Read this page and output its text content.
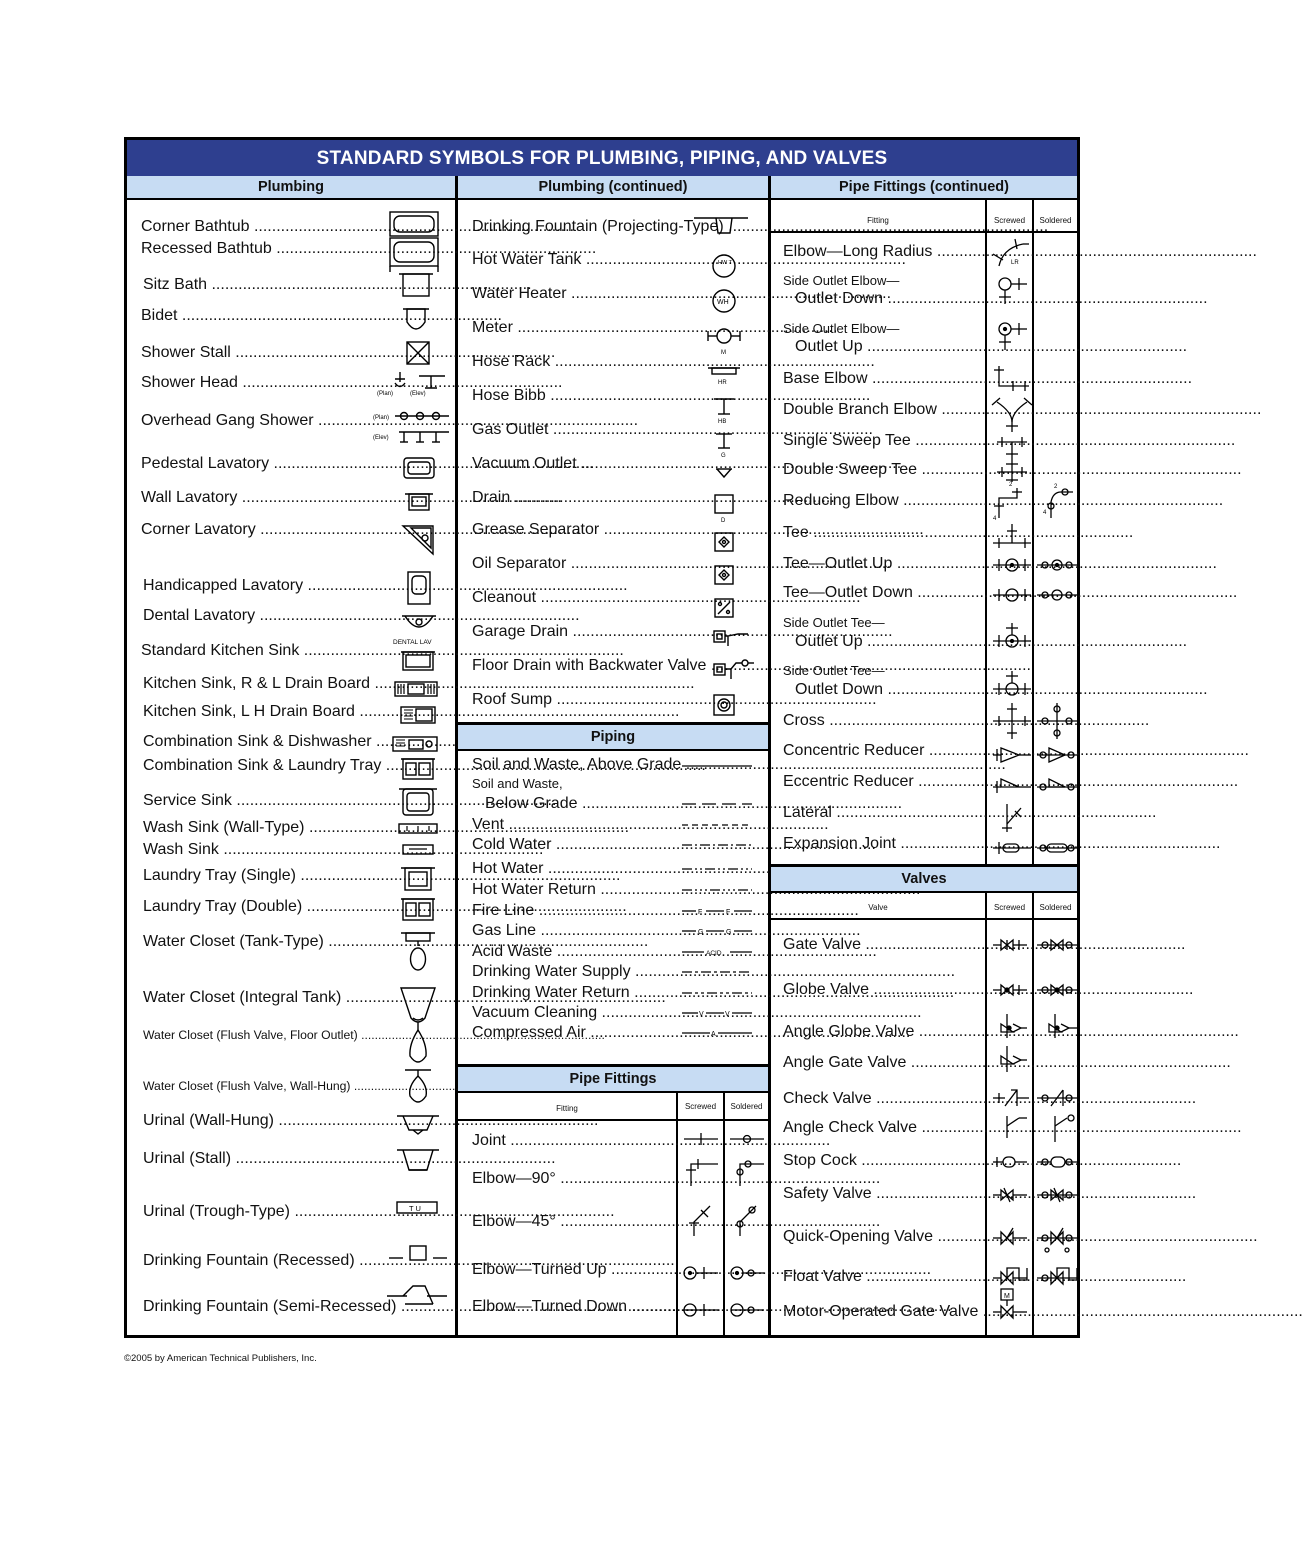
STANDARD SYMBOLS FOR PLUMBING, PIPING, AND VALVES
Plumbing
Corner Bathtub .....
Recessed Bathtub .....
Sitz Bath .....
Bidet .....
Shower Stall .....
Shower Head .....
Overhead Gang Shower .....
Pedestal Lavatory .....
Wall Lavatory .....
Corner Lavatory .....
Handicapped Lavatory .....
Dental Lavatory .....
Standard Kitchen Sink .....
Kitchen Sink, R & L Drain Board .....
Kitchen Sink, L H Drain Board .....
Combination Sink & Dishwasher .....
Combination Sink & Laundry Tray .....
Service Sink .....
Wash Sink (Wall-Type) .....
Wash Sink .....
Laundry Tray (Single) .....
Laundry Tray (Double) .....
Water Closet (Tank-Type) .....
Water Closet (Integral Tank) .....
Water Closet (Flush Valve, Floor Outlet) .....
Water Closet (Flush Valve, Wall-Hung) .....
Urinal (Wall-Hung) .....
Urinal (Stall) .....
Urinal (Trough-Type) .....
Drinking Fountain (Recessed) .....
Drinking Fountain (Semi-Recessed) .....
(Plan)	(Elev)
(Plan)
(Elev)
DENTAL LAV
T U
Plumbing (continued)
Drinking Fountain (Projecting-Type) .....
Hot Water Tank .....
Water Heater .....
Meter .....
Hose Rack .....
Hose Bibb .....
Gas Outlet .....
Vacuum Outlet .....
Drain .....
Grease Separator .....
Oil Separator .....
Cleanout .....
Garage Drain .....
Floor Drain with Backwater Valve .....
Roof Sump .....
HW T
WH
M
HR
HB
G
D
Piping
Soil and Waste, Above Grade .....
Soil and Waste,
Below Grade .....
Vent .....
Cold Water .....
Hot Water .....
Hot Water Return .....
Fire Line .....
Gas Line .....
Acid Waste .....
Drinking Water Supply .....
Drinking Water Return .....
Vacuum Cleaning .....
Compressed Air .....
F	F
G	G
ACID
V	V
A
Pipe Fittings
Fitting	Screwed	Soldered
Joint .....
Elbow—90° .....
Elbow—45° .....
Elbow—Turned Up .....
Elbow—Turned Down .....
Pipe Fittings (continued)
Fitting	Screwed	Soldered
Elbow—Long Radius .....
Side Outlet Elbow—
Outlet Down .....
Side Outlet Elbow—
Outlet Up .....
Base Elbow .....
Double Branch Elbow .....
Single Sweep Tee .....
Double Sweep Tee .....
Reducing Elbow .....
Tee .....
Tee—Outlet Up .....
Tee—Outlet Down .....
Side Outlet Tee—
Outlet Up .....
Side Outlet Tee—
Outlet Down .....
Cross .....
Concentric Reducer .....
Eccentric Reducer .....
Lateral .....
Expansion Joint .....
LR
2
4
2
4
Valves
Valve	Screwed	Soldered
Gate Valve .....
Globe Valve .....
Angle Globe Valve .....
Angle Gate Valve .....
Check Valve .....
Angle Check Valve .....
Stop Cock .....
Safety Valve .....
Quick-Opening Valve .....
Float Valve .....
Motor-Operated Gate Valve .....
M
©2005 by American Technical Publishers, Inc.
